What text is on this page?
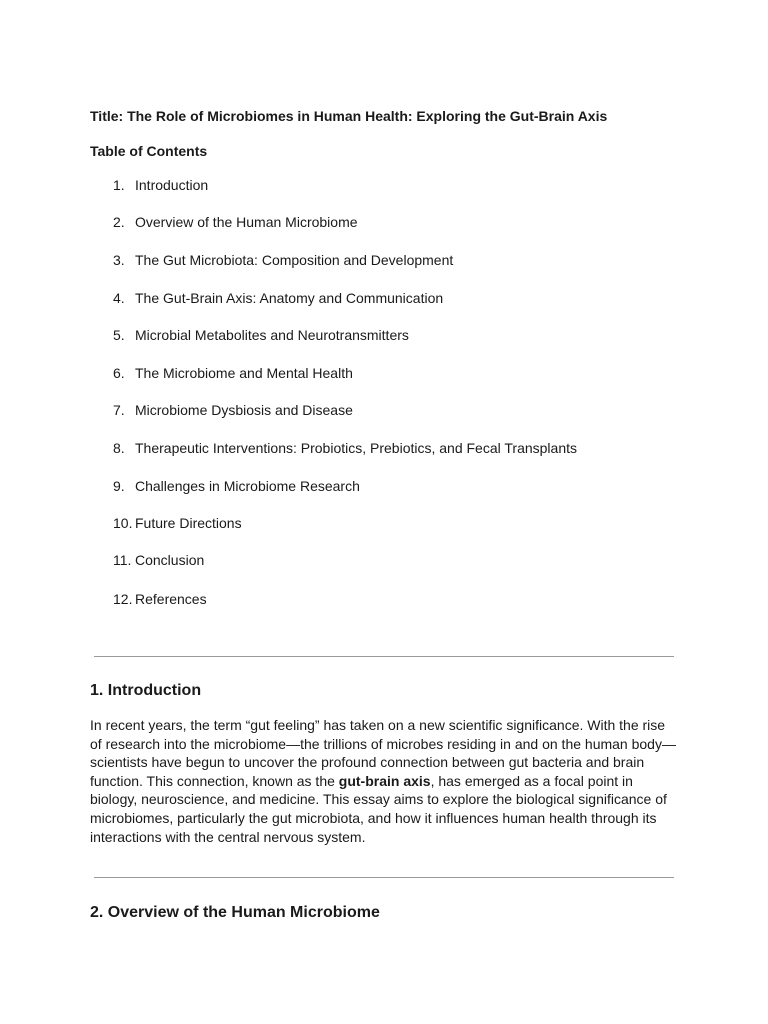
Title: The Role of Microbiomes in Human Health: Exploring the Gut-Brain Axis
Table of Contents
1. Introduction
2. Overview of the Human Microbiome
3. The Gut Microbiota: Composition and Development
4. The Gut-Brain Axis: Anatomy and Communication
5. Microbial Metabolites and Neurotransmitters
6. The Microbiome and Mental Health
7. Microbiome Dysbiosis and Disease
8. Therapeutic Interventions: Probiotics, Prebiotics, and Fecal Transplants
9. Challenges in Microbiome Research
10. Future Directions
11. Conclusion
12. References
1. Introduction

In recent years, the term “gut feeling” has taken on a new scientific significance. With the rise of research into the microbiome—the trillions of microbes residing in and on the human body—scientists have begun to uncover the profound connection between gut bacteria and brain function. This connection, known as the gut-brain axis, has emerged as a focal point in biology, neuroscience, and medicine. This essay aims to explore the biological significance of microbiomes, particularly the gut microbiota, and how it influences human health through its interactions with the central nervous system.

2. Overview of the Human Microbiome
